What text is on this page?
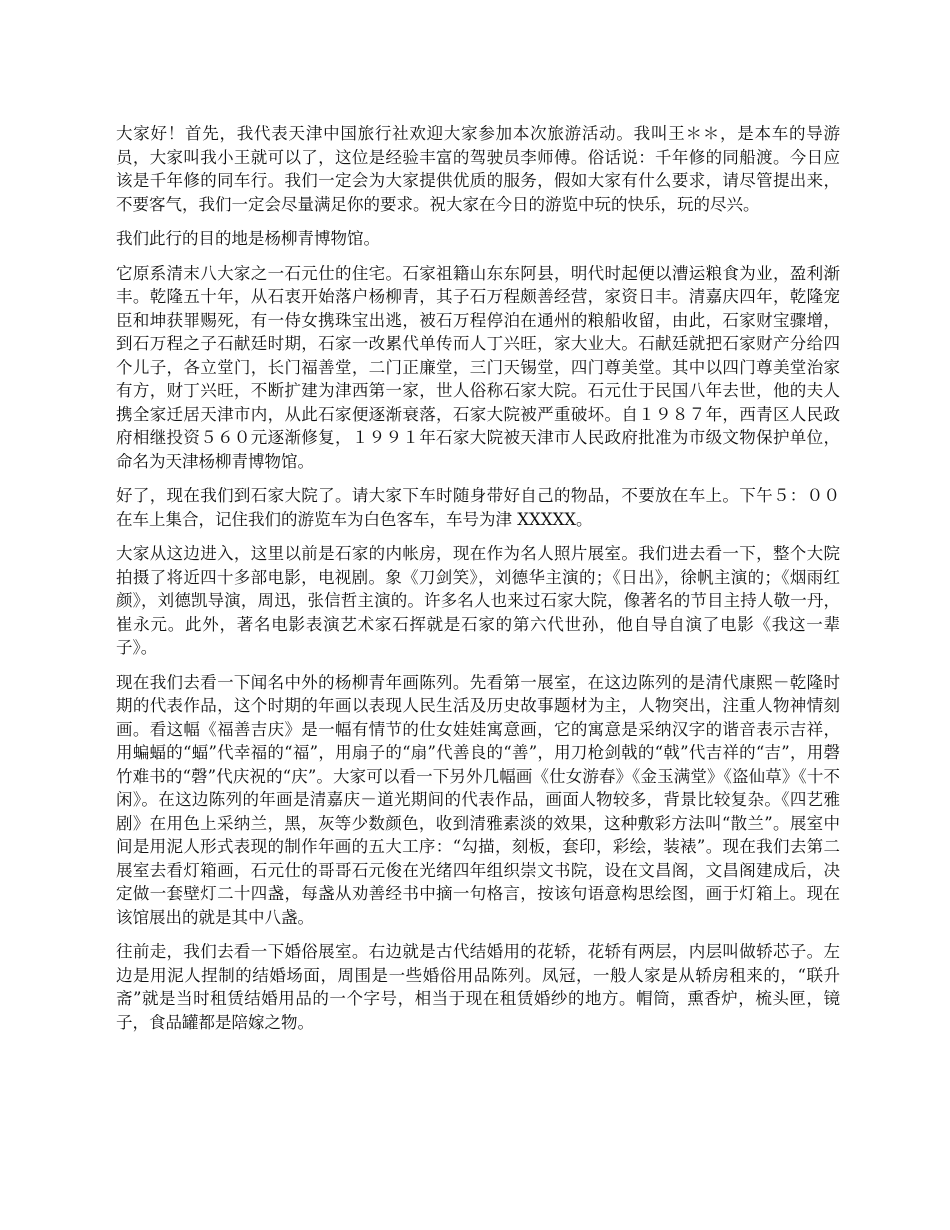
大家好！首先，我代表天津中国旅行社欢迎大家参加本次旅游活动。我叫王＊＊，是本车的导游员，大家叫我小王就可以了，这位是经验丰富的驾驶员李师傅。俗话说：千年修的同船渡。今日应该是千年修的同车行。我们一定会为大家提供优质的服务，假如大家有什么要求，请尽管提出来，不要客气，我们一定会尽量满足你的要求。祝大家在今日的游览中玩的快乐，玩的尽兴。

我们此行的目的地是杨柳青博物馆。

它原系清末八大家之一石元仕的住宅。石家祖籍山东东阿县，明代时起便以漕运粮食为业，盈利渐丰。乾隆五十年，从石衷开始落户杨柳青，其子石万程颇善经营，家资日丰。清嘉庆四年，乾隆宠臣和坤获罪赐死，有一侍女携珠宝出逃，被石万程停泊在通州的粮船收留，由此，石家财宝骤增，到石万程之子石献廷时期，石家一改累代单传而人丁兴旺，家大业大。石献廷就把石家财产分给四个儿子，各立堂门，长门福善堂，二门正廉堂，三门天锡堂，四门尊美堂。其中以四门尊美堂治家有方，财丁兴旺，不断扩建为津西第一家，世人俗称石家大院。石元仕于民国八年去世，他的夫人携全家迁居天津市内，从此石家便逐渐衰落，石家大院被严重破坏。自１９８７年，西青区人民政府相继投资５６０元逐渐修复，１９９１年石家大院被天津市人民政府批准为市级文物保护单位，命名为天津杨柳青博物馆。

好了，现在我们到石家大院了。请大家下车时随身带好自己的物品，不要放在车上。下午５：００在车上集合，记住我们的游览车为白色客车，车号为津 XXXXX。

大家从这边进入，这里以前是石家的内帐房，现在作为名人照片展室。我们进去看一下，整个大院拍摄了将近四十多部电影，电视剧。象《刀剑笑》，刘德华主演的；《日出》，徐帆主演的；《烟雨红颜》，刘德凯导演，周迅，张信哲主演的。许多名人也来过石家大院，像著名的节目主持人敬一丹，崔永元。此外，著名电影表演艺术家石挥就是石家的第六代世孙，他自导自演了电影《我这一辈子》。

现在我们去看一下闻名中外的杨柳青年画陈列。先看第一展室，在这边陈列的是清代康熙－乾隆时期的代表作品，这个时期的年画以表现人民生活及历史故事题材为主，人物突出，注重人物神情刻画。看这幅《福善吉庆》是一幅有情节的仕女娃娃寓意画，它的寓意是采纳汉字的谐音表示吉祥，用蝙蝠的“蝠”代幸福的“福”，用扇子的“扇”代善良的“善”，用刀枪剑戟的“戟”代吉祥的“吉”，用磬竹难书的“磬”代庆祝的“庆”。大家可以看一下另外几幅画《仕女游春》《金玉满堂》《盗仙草》《十不闲》。在这边陈列的年画是清嘉庆－道光期间的代表作品，画面人物较多，背景比较复杂。《四艺雅剧》在用色上采纳兰，黑，灰等少数颜色，收到清雅素淡的效果，这种敷彩方法叫“散兰”。展室中间是用泥人形式表现的制作年画的五大工序：“勾描，刻板，套印，彩绘，装裱”。现在我们去第二展室去看灯箱画，石元仕的哥哥石元俊在光绪四年组织崇文书院，设在文昌阁，文昌阁建成后，决定做一套壁灯二十四盏，每盏从劝善经书中摘一句格言，按该句语意构思绘图，画于灯箱上。现在该馆展出的就是其中八盏。

往前走，我们去看一下婚俗展室。右边就是古代结婚用的花轿，花轿有两层，内层叫做轿芯子。左边是用泥人捏制的结婚场面，周围是一些婚俗用品陈列。凤冠，一般人家是从轿房租来的，“联升斋”就是当时租赁结婚用品的一个字号，相当于现在租赁婚纱的地方。帽筒，熏香炉，梳头匣，镜子，食品罐都是陪嫁之物。
